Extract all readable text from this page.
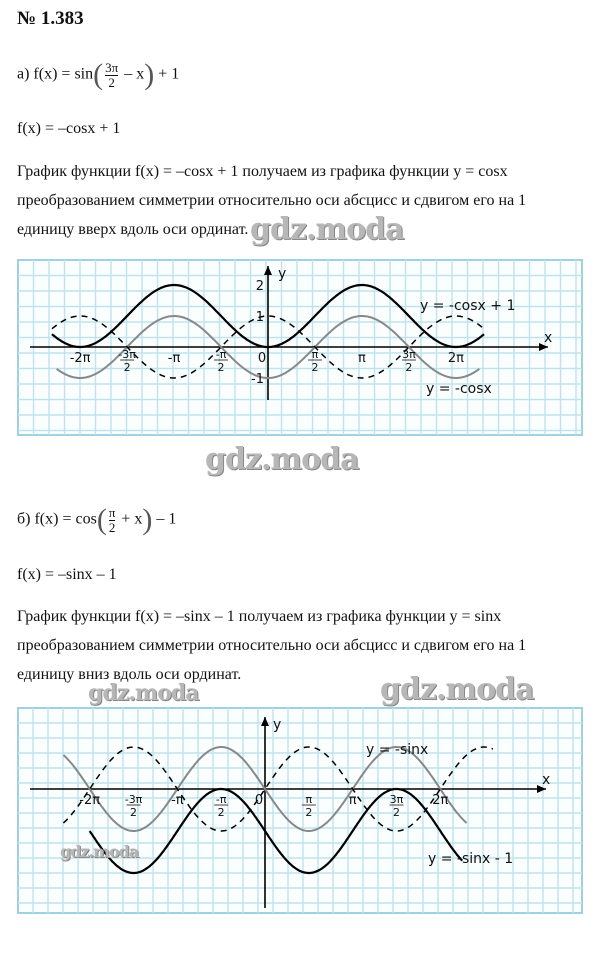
№ 1.383
а) $f(x) = \sin( \frac{3\pi}{2} - x) + 1$
f(x) = –cosx + 1
График функции f(x) = –cosx + 1 получаем из графика функции y = cosx преобразованием симметрии относительно оси абсцисс и сдвигом его на 1 единицу вверх вдоль оси ординат.
x
y
2
1
-1
-2π	-π	π	2π
-3π
2
-π
2
π
2
3π
2
0
y = -cosx + 1
y = -cosx
б) $f(x) = \cos( \frac{\pi}{2} + x) - 1$
f(x) = –sinx – 1
График функции f(x) = –sinx – 1 получаем из графика функции y = sinx преобразованием симметрии относительно оси абсцисс и сдвигом его на 1 единицу вниз вдоль оси ординат.
x
y
-2π	-π	π	2π
-3π
2
-π
2
π
2
3π
2
0
y = -sinx
y = -sinx - 1
gdz.moda
gdz.moda
gdz.moda	gdz.moda
gdz.moda
